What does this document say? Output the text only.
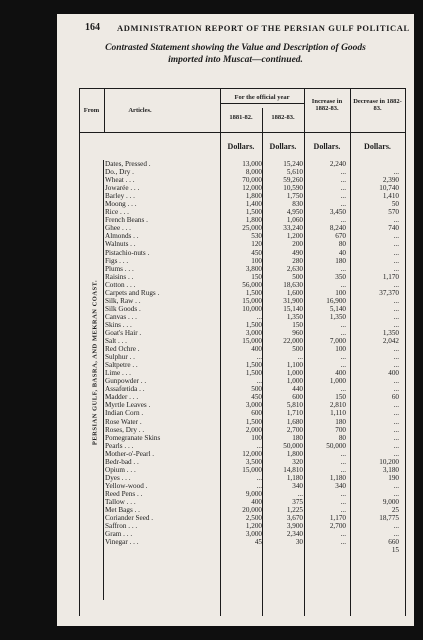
164 ADMINISTRATION REPORT OF THE PERSIAN GULF POLITICAL
Contrasted Statement showing the Value and Description of Goods
imported into Muscat—continued.
From	Articles.
For the official year
1881-82.	1882-83.
Increase in 1882-83.
Decrease in 1882-83.
Dollars.	Dollars.	Dollars.	Dollars.
PERSIAN GULF, BASRA, AND MEKRAN COAST.
Dates, Pressed .	13,000	15,240	2,240
Do., Dry .	8,000	5,610	...	...
Wheat . . .	70,000	59,260	...	2,390
Jowarée . . .	12,000	10,590	...	10,740
Barley . . .	1,800	1,750	...	1,410
Moong . . .	1,400	830	...	50
Rice . . .	1,500	4,950	3,450	570
French Beans .	1,800	1,060	...	...
Ghee . . .	25,000	33,240	8,240	740
Almonds . .	530	1,200	670	...
Walnuts . .	120	200	80	...
Pistachio-nuts .	450	490	40	...
Figs . . .	100	280	180	...
Plums . . .	3,800	2,630	...	...
Raisins . .	150	500	350	1,170
Cotton . . .	56,000	18,630	...	...
Carpets and Rugs .	1,500	1,600	100	37,370
Silk, Raw . .	15,000	31,900	16,900	...
Silk Goods .	10,000	15,140	5,140	...
Canvas . . .	...	1,350	1,350	...
Skins . . .	1,500	150	...	...
Goat's Hair .	3,000	960	...	1,350
Salt . . .	15,000	22,000	7,000	2,042
Red Ochre .	400	500	100	...
Sulphur . .	...	...	...	...
Saltpetre . .	1,500	1,100	...	...
Lime . . .	1,500	1,000	400	400
Gunpowder . .	...	1,000	1,000	...
Assafœtida . .	500	440	...	...
Madder . . .	450	600	150	60
Myrtle Leaves .	3,000	5,810	2,810	...
Indian Corn .	600	1,710	1,110	...
Rose Water .	1,500	1,680	180	...
Roses, Dry . .	2,000	2,700	700	...
Pomegranate Skins	100	180	80	...
Pearls . . .	...	50,000	50,000	...
Mother-o'-Pearl .	12,000	1,800	...	...
Bedr-bad . .	3,500	320	...	10,200
Opium . . .	15,000	14,810	...	3,180
Dyes . . .	...	1,180	1,180	190
Yellow-wood .	...	340	340	...
Reed Pens . .	9,000	...	...	...
Tallow . . .	400	375	...	9,000
Met Bags . .	20,000	1,225	...	25
Coriander Seed .	2,500	3,670	1,170	18,775
Saffron . . .	1,200	3,900	2,700	...
Gram . . .	3,000	2,340	...	...
Vinegar . . .	45	30	...	660
15
